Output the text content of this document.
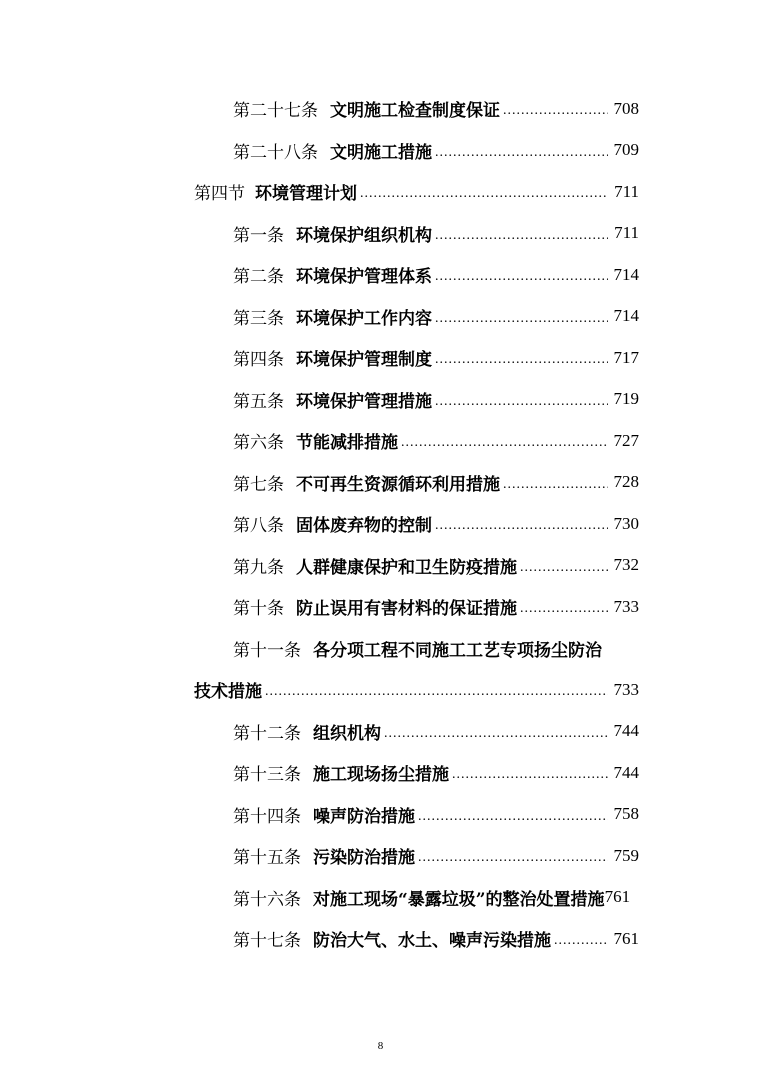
第二十七条 文明施工检查制度保证 .....	708
第二十八条 文明施工措施 .....	709
第四节 环境管理计划 .....	711
第一条 环境保护组织机构 .....	711
第二条 环境保护管理体系 .....	714
第三条 环境保护工作内容 .....	714
第四条 环境保护管理制度 .....	717
第五条 环境保护管理措施 .....	719
第六条 节能减排措施 .....	727
第七条 不可再生资源循环利用措施 .....	728
第八条 固体废弃物的控制 .....	730
第九条 人群健康保护和卫生防疫措施 .....	732
第十条 防止误用有害材料的保证措施 .....	733
第十一条 各分项工程不同施工工艺专项扬尘防治
技术措施 .....	733
第十二条 组织机构 .....	744
第十三条 施工现场扬尘措施 .....	744
第十四条 噪声防治措施 .....	758
第十五条 污染防治措施 .....	759
第十六条 对施工现场“暴露垃圾”的整治处置措施 761
第十七条 防治大气、水土、噪声污染措施 .....	761
8
